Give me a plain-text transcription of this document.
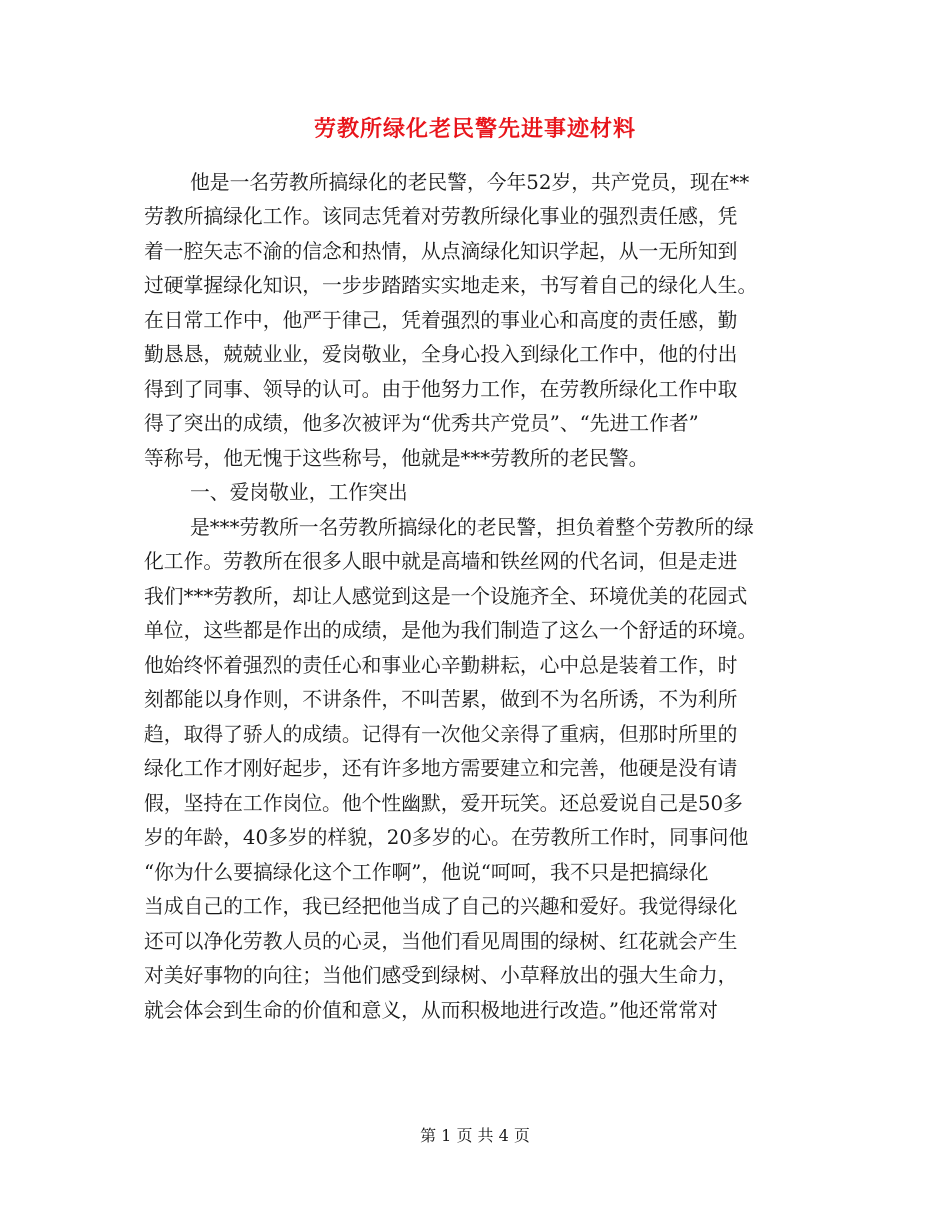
劳教所绿化老民警先进事迹材料
他是一名劳教所搞绿化的老民警，今年52岁，共产党员，现在**
劳教所搞绿化工作。该同志凭着对劳教所绿化事业的强烈责任感，凭
着一腔矢志不渝的信念和热情，从点滴绿化知识学起，从一无所知到
过硬掌握绿化知识，一步步踏踏实实地走来，书写着自己的绿化人生。
在日常工作中，他严于律己，凭着强烈的事业心和高度的责任感，勤
勤恳恳，兢兢业业，爱岗敬业，全身心投入到绿化工作中，他的付出
得到了同事、领导的认可。由于他努力工作，在劳教所绿化工作中取
得了突出的成绩，他多次被评为“优秀共产党员”、“先进工作者”
等称号，他无愧于这些称号，他就是***劳教所的老民警。
一、爱岗敬业，工作突出
是***劳教所一名劳教所搞绿化的老民警，担负着整个劳教所的绿
化工作。劳教所在很多人眼中就是高墙和铁丝网的代名词，但是走进
我们***劳教所，却让人感觉到这是一个设施齐全、环境优美的花园式
单位，这些都是作出的成绩，是他为我们制造了这么一个舒适的环境。
他始终怀着强烈的责任心和事业心辛勤耕耘，心中总是装着工作，时
刻都能以身作则，不讲条件，不叫苦累，做到不为名所诱，不为利所
趋，取得了骄人的成绩。记得有一次他父亲得了重病，但那时所里的
绿化工作才刚好起步，还有许多地方需要建立和完善，他硬是没有请
假，坚持在工作岗位。他个性幽默，爱开玩笑。还总爱说自己是50多
岁的年龄，40多岁的样貌，20多岁的心。在劳教所工作时，同事问他
“你为什么要搞绿化这个工作啊”，他说“呵呵，我不只是把搞绿化
当成自己的工作，我已经把他当成了自己的兴趣和爱好。我觉得绿化
还可以净化劳教人员的心灵，当他们看见周围的绿树、红花就会产生
对美好事物的向往；当他们感受到绿树、小草释放出的强大生命力，
就会体会到生命的价值和意义，从而积极地进行改造。”他还常常对
第 1 页 共 4 页
